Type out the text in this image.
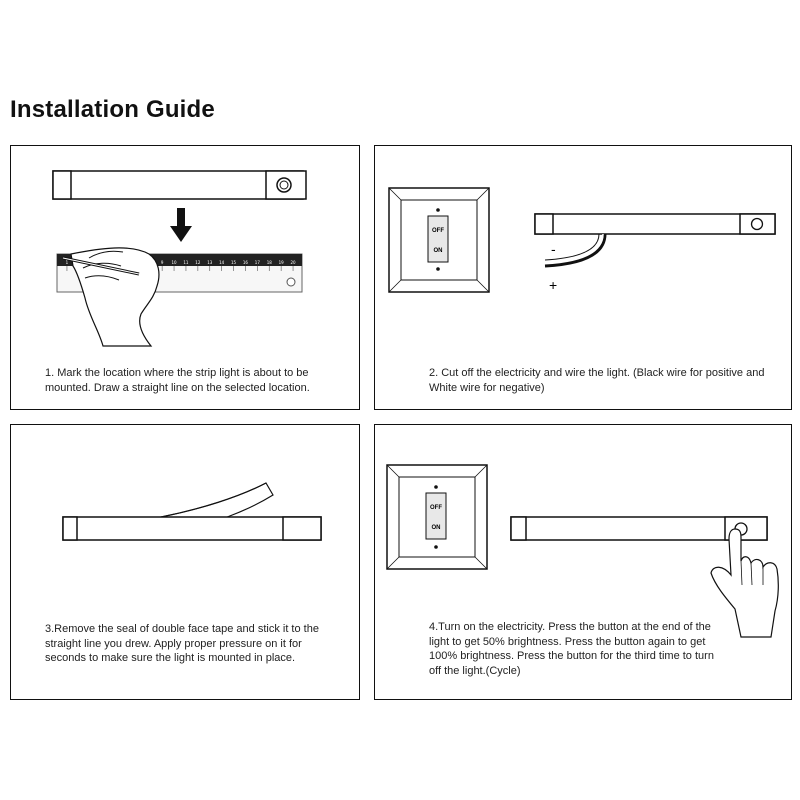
Installation Guide
1	9 10 11 12 13 14 15 16 17 18 19 20
1. Mark the location where the strip light is about to be mounted. Draw a straight line on the selected location.
OFF
ON	-
+
2. Cut off the electricity and wire the light. (Black wire for positive and White wire for negative)
3.Remove the seal of double face tape and stick it to the straight line you drew. Apply proper pressure on it for seconds to make sure the light is mounted in place.
OFF
ON
4.Turn on the electricity. Press the button at the end of the light to get 50% brightness. Press the button again to get 100% brightness. Press the button for the third time to turn off the light.(Cycle)
